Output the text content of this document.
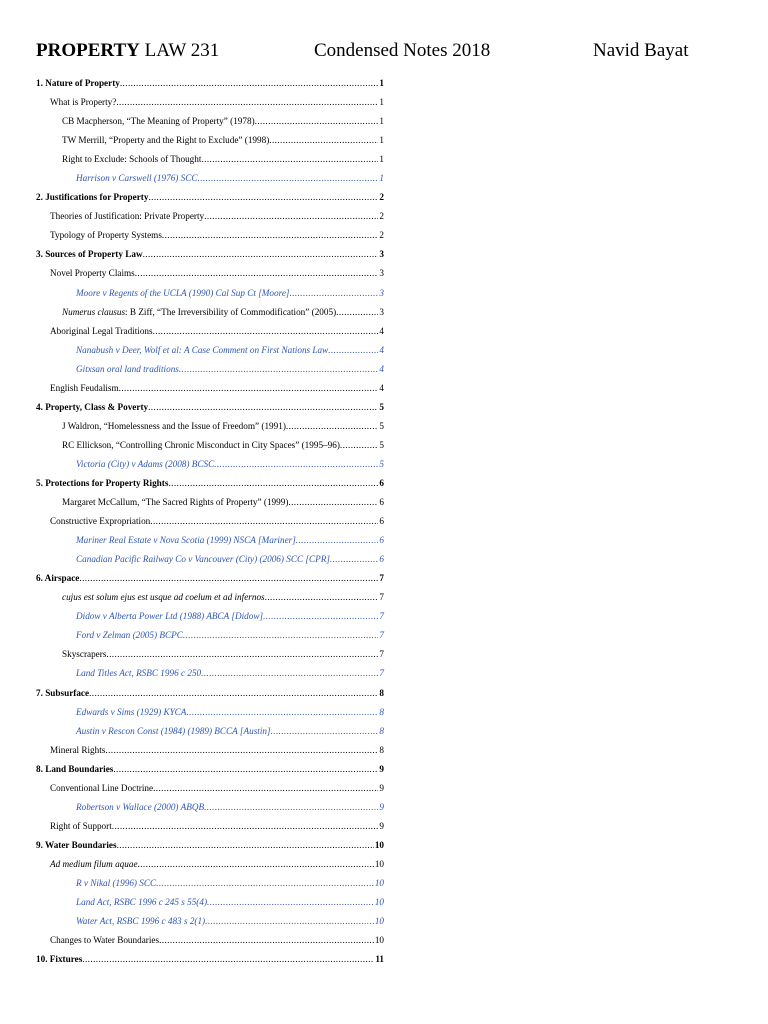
PROPERTY LAW 231	Condensed Notes 2018	Navid Bayat
1. Nature of Property .....	1
What is Property? .....	1
CB Macpherson, “The Meaning of Property” (1978) .....	1
TW Merrill, “Property and the Right to Exclude” (1998) .....	1
Right to Exclude: Schools of Thought .....	1
Harrison v Carswell (1976) SCC .....	1
2. Justifications for Property .....	2
Theories of Justification: Private Property .....	2
Typology of Property Systems .....	2
3. Sources of Property Law .....	3
Novel Property Claims .....	3
Moore v Regents of the UCLA (1990) Cal Sup Ct [Moore] .....	3
Numerus clausus: B Ziff, “The Irreversibility of Commodification” (2005) .....	3
Aboriginal Legal Traditions .....	4
Nanabush v Deer, Wolf et al: A Case Comment on First Nations Law .....	4
Gitxsan oral land traditions .....	4
English Feudalism .....	4
4. Property, Class & Poverty .....	5
J Waldron, “Homelessness and the Issue of Freedom” (1991) .....	5
RC Ellickson, “Controlling Chronic Misconduct in City Spaces” (1995–96) .....	5
Victoria (City) v Adams (2008) BCSC .....	5
5. Protections for Property Rights .....	6
Margaret McCallum, “The Sacred Rights of Property” (1999) .....	6
Constructive Expropriation .....	6
Mariner Real Estate v Nova Scotia (1999) NSCA [Mariner] .....	6
Canadian Pacific Railway Co v Vancouver (City) (2006) SCC [CPR] .....	6
6. Airspace .....	7
cujus est solum ejus est usque ad coelum et ad infernos .....	7
Didow v Alberta Power Ltd (1988) ABCA [Didow] .....	7
Ford v Zelman (2005) BCPC .....	7
Skyscrapers .....	7
Land Titles Act, RSBC 1996 c 250 .....	7
7. Subsurface .....	8
Edwards v Sims (1929) KYCA .....	8
Austin v Rescon Const (1984) (1989) BCCA [Austin] .....	8
Mineral Rights .....	8
8. Land Boundaries .....	9
Conventional Line Doctrine .....	9
Robertson v Wallace (2000) ABQB .....	9
Right of Support .....	9
9. Water Boundaries .....	10
Ad medium filum aquae .....	10
R v Nikal (1996) SCC .....	10
Land Act, RSBC 1996 c 245 s 55(4) .....	10
Water Act, RSBC 1996 c 483 s 2(1) .....	10
Changes to Water Boundaries .....	10
10. Fixtures .....	11
